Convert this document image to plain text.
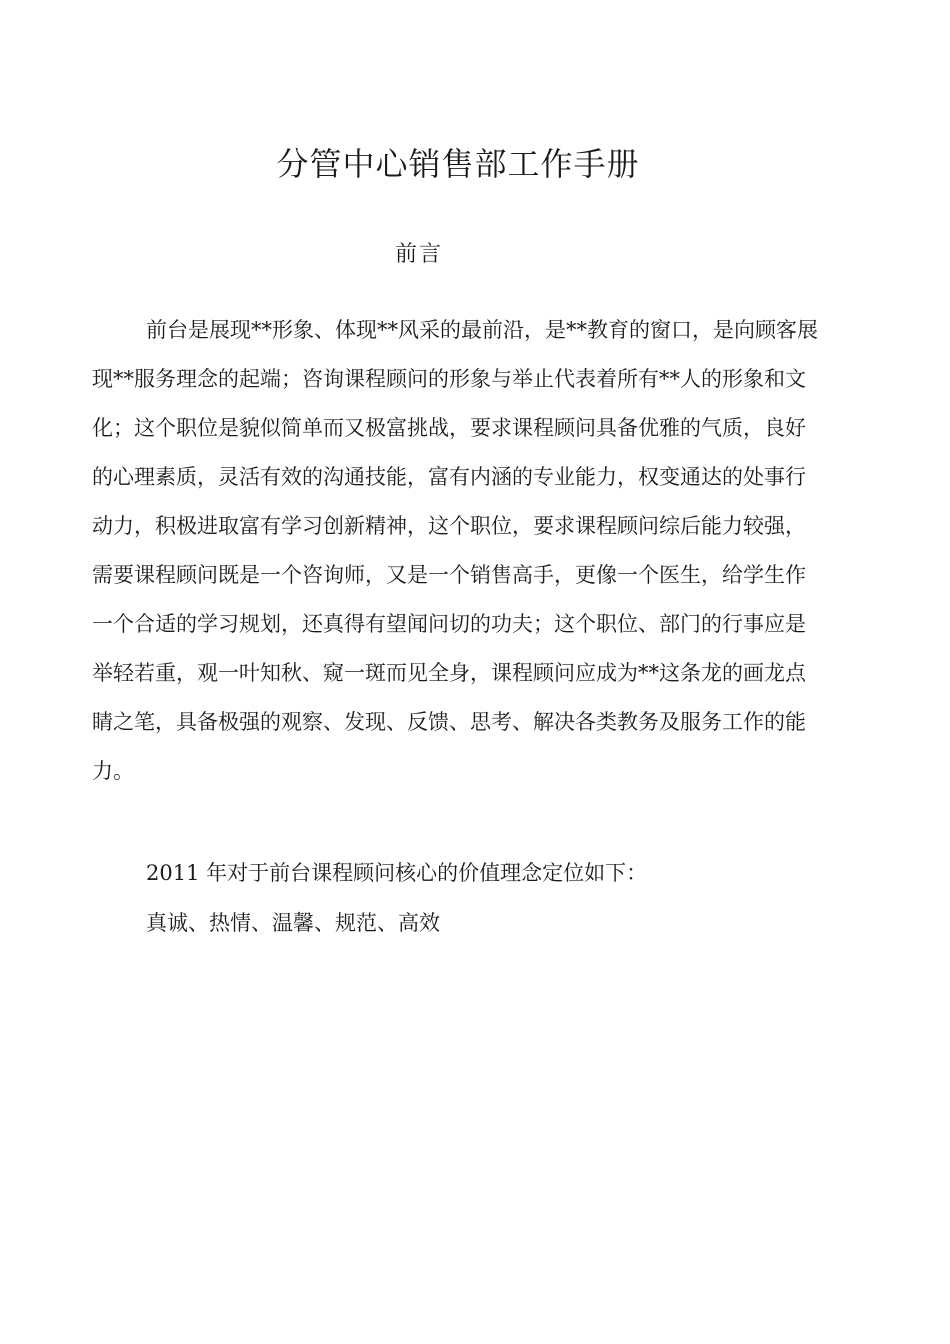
分管中心销售部工作手册
前言
前台是展现**形象、体现**风采的最前沿，是**教育的窗口，是向顾客展
现**服务理念的起端；咨询课程顾问的形象与举止代表着所有**人的形象和文
化；这个职位是貌似简单而又极富挑战，要求课程顾问具备优雅的气质，良好
的心理素质，灵活有效的沟通技能，富有内涵的专业能力，权变通达的处事行
动力，积极进取富有学习创新精神，这个职位，要求课程顾问综后能力较强，
需要课程顾问既是一个咨询师，又是一个销售高手，更像一个医生，给学生作
一个合适的学习规划，还真得有望闻问切的功夫；这个职位、部门的行事应是
举轻若重，观一叶知秋、窥一斑而见全身，课程顾问应成为**这条龙的画龙点
睛之笔，具备极强的观察、发现、反馈、思考、解决各类教务及服务工作的能
力。

2011 年对于前台课程顾问核心的价值理念定位如下：

真诚、热情、温馨、规范、高效
